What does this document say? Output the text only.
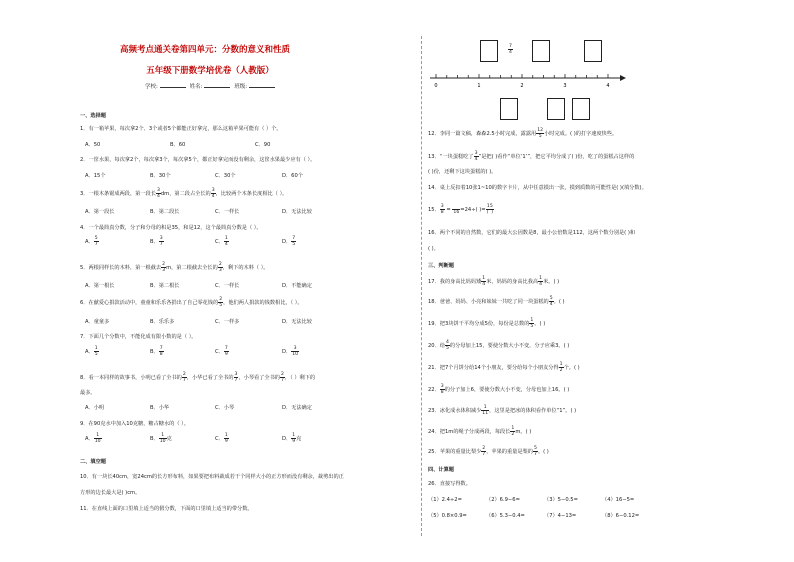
高频考点通关卷第四单元：分数的意义和性质
五年级下册数学培优卷（人教版）
学校:	姓名:	班级:
一、选择题
1．有一箱苹果，每次拿2个、3个或者5个都能正好拿完，那么这箱苹果可能有（ ）个。
A．50	B．60	C．90
2．一筐水果，每次拿2个，每次拿3个，每次拿5个，都正好拿完而没有剩余，这筐水果最少应有（ ）。
A．15个	B．30个	C．30个	D．60个
3．一根木条锯成两段，第一段长 $\frac{3}{4}$ dm，第二段占全长的 $\frac{3}{4}$ ，比较两个木条长度相比（ ）。
A．第一段长	B．第二段长	C．一样长	D．无法比较
4．一个最简真分数，分子和分母的积是35，和是12，这个最简真分数是（ ）。
A． $\frac{5}{7}$	B． $\frac{3}{7}$	C． $\frac{1}{4}$	D． $\frac{7}{5}$
5．两根同样长的木料，第一根截去 $\frac{2}{3}$ m，第二根截去全长的 $\frac{2}{3}$ ，剩下的木料（ ）。
A．第一根长	B．第二根长	C．一样长	D．不能确定
6．在献爱心捐款活动中，童童和乐乐各捐出了自己零花钱的 $\frac{2}{5}$ ，他们两人捐款的钱数相比，（ ）。
A．童童多	B．乐乐多	C．一样多	D．无法比较
7．下面几个分数中，不能化成有限小数的是（ ）。
A． $\frac{1}{5}$	B． $\frac{7}{8}$	C． $\frac{7}{9}$	D． $\frac{3}{10}$
8．看一本同样的故事书，小明已看了全书的 $\frac{2}{7}$ ，小华已看了全书的 $\frac{3}{7}$ ，小琴看了全书的 $\frac{2}{7}$ ，（ ）剩下的
最多。
A．小明	B．小华	C．小琴	D．无法确定
9．在90克水中加入10克糖，糖占糖水的（ ）。
A． $\frac{1}{10}$	B． $\frac{1}{10}$ 克	C． $\frac{1}{9}$	D． $\frac{1}{9}$ 克
二、填空题
10．有一块长40cm，宽24cm的长方形布料，如果要把布料裁成若干个同样大小的正方形而没有剩余，裁剪出的正
方形的边长最大是( )cm。
11．在直线上面的口里填上适当的假分数，下面的口里填上适当的带分数。
0	1	2	3	4
$\frac{7}{4}$
12．李同一篇文稿，森森2.5小时完成，露露用 $\frac{12}{5}$ 小时完成。( )的打字速度快些。
13．“一块蛋糕吃了 $\frac{3}{4}$ ”是把( )看作“单位‘1’”，把它平均分成了( )份，吃了的蛋糕占这样的
( )份，还剩下这块蛋糕的( )。
14．桌上反扣着10张1~10的数字卡片，从中任意摸出一张，摸到质数的可能性是( )(填分数)。
15． $\frac{3}{8}$ =
16 =24÷( )= $\frac{15}{( )}$
16．两个不同的自然数，它们的最大公因数是8，最小公倍数是112，这两个数分别是( )和
( )。
三、判断题
17．我的身高比妈妈矮 $\frac{1}{4}$ 米，妈妈的身高比我高 $\frac{1}{4}$ 米。( )
18．爸爸、妈妈、小亮和妹妹一共吃了同一块蛋糕的 $\frac{5}{4}$ 。( )
19．把3块饼干平均分成5份，每份是总数的 $\frac{1}{5}$ 。( )
20．给 $\frac{4}{5}$ 的分母加上15，要使分数大小不变，分子应乘3。( )
21．把7个月饼分给14个小朋友，要分给每个小朋友分得 $\frac{1}{2}$ 个。( )
22． $\frac{3}{8}$ 的分子加上6，要使分数大小不变，分母也加上16。( )
23．冰化成水体积减少 $\frac{1}{11}$ ，这里是把冰的体积看作单位“1”。( )
24．把1m的绳子分成两段，每段长 $\frac{1}{2}$ m。( )
25．苹果的重量比梨少 $\frac{2}{7}$ ，苹果的重量是梨的 $\frac{5}{7}$ 。( )
四、计算题
26．直接写得数。
（1）2.4÷2=	（2）6.9−6=	（3）5−0.5=	（4）16−5=
（5）0.8×0.9=	（6）5.3−0.4=	（7）4−13=	（8）6−0.12=
